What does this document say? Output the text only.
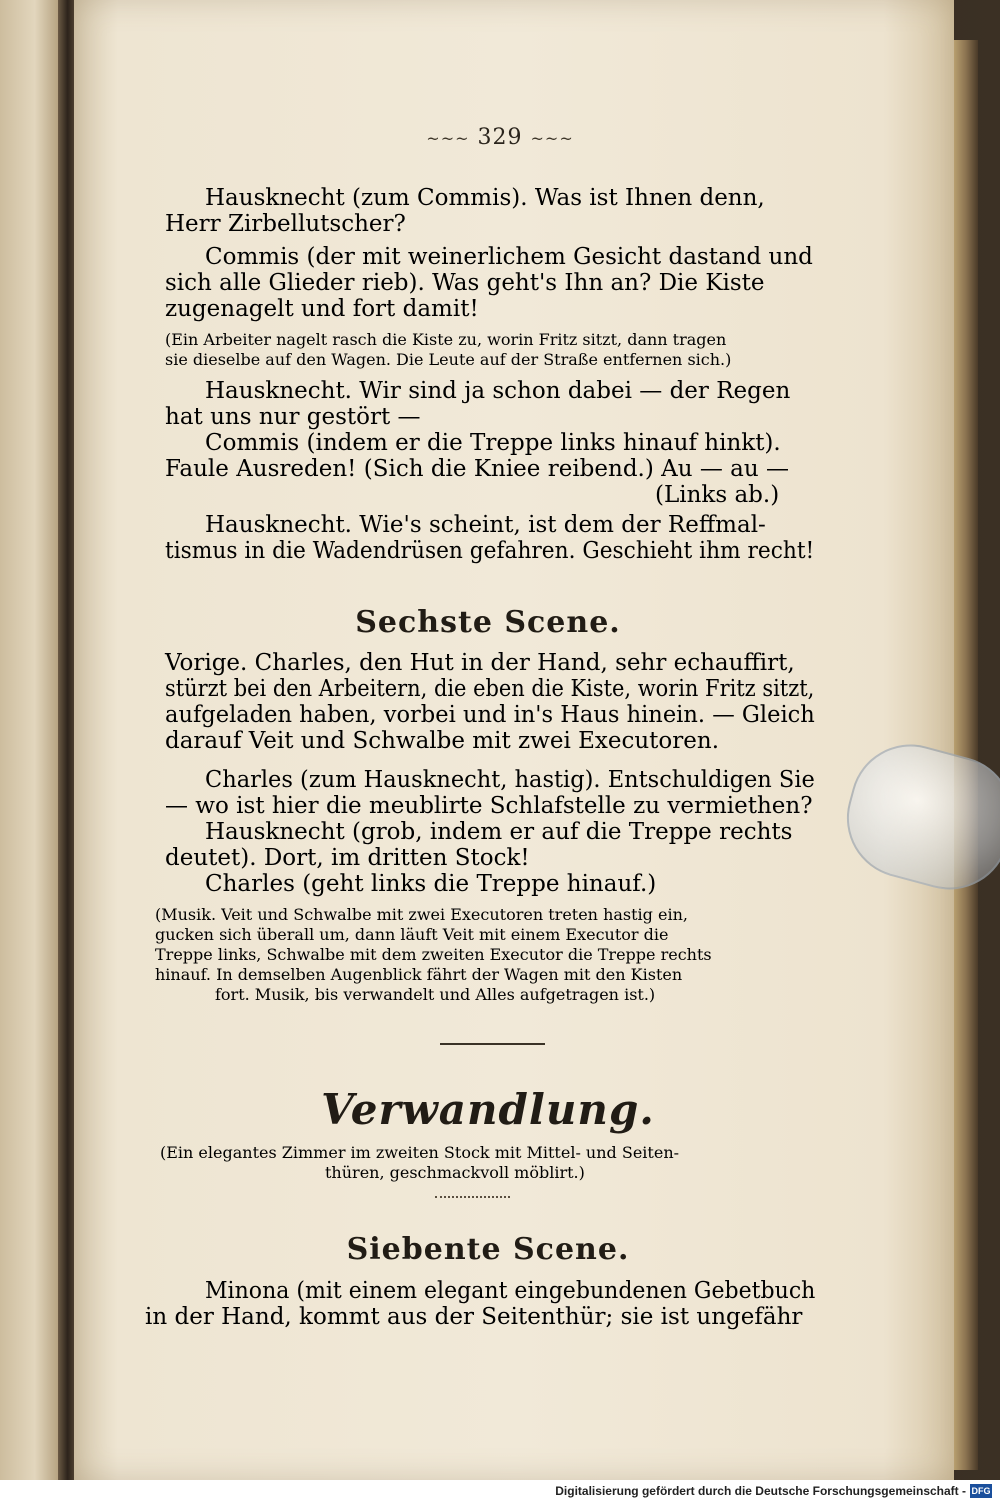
~~~ 329 ~~~
Hausknecht (zum Commis). Was ist Ihnen denn,
Herr Zirbellutscher?
Commis (der mit weinerlichem Gesicht dastand und
sich alle Glieder rieb). Was geht's Ihn an? Die Kiste
zugenagelt und fort damit!
(Ein Arbeiter nagelt rasch die Kiste zu, worin Fritz sitzt, dann tragen
sie dieselbe auf den Wagen. Die Leute auf der Straße entfernen sich.)
Hausknecht. Wir sind ja schon dabei — der Regen
hat uns nur gestört —
Commis (indem er die Treppe links hinauf hinkt).
Faule Ausreden! (Sich die Kniee reibend.) Au — au —
(Links ab.)
Hausknecht. Wie's scheint, ist dem der Reffmal-
tismus in die Wadendrüsen gefahren. Geschieht ihm recht!
Sechste Scene.
Vorige. Charles, den Hut in der Hand, sehr echauffirt,
stürzt bei den Arbeitern, die eben die Kiste, worin Fritz sitzt,
aufgeladen haben, vorbei und in's Haus hinein. — Gleich
darauf Veit und Schwalbe mit zwei Executoren.
Charles (zum Hausknecht, hastig). Entschuldigen Sie
— wo ist hier die meublirte Schlafstelle zu vermiethen?
Hausknecht (grob, indem er auf die Treppe rechts
deutet). Dort, im dritten Stock!
Charles (geht links die Treppe hinauf.)
(Musik. Veit und Schwalbe mit zwei Executoren treten hastig ein,
gucken sich überall um, dann läuft Veit mit einem Executor die
Treppe links, Schwalbe mit dem zweiten Executor die Treppe rechts
hinauf. In demselben Augenblick fährt der Wagen mit den Kisten
fort. Musik, bis verwandelt und Alles aufgetragen ist.)
Verwandlung.
(Ein elegantes Zimmer im zweiten Stock mit Mittel- und Seiten-
thüren, geschmackvoll möblirt.)
Siebente Scene.
Minona (mit einem elegant eingebundenen Gebetbuch
in der Hand, kommt aus der Seitenthür; sie ist ungefähr
Digitalisierung gefördert durch die Deutsche Forschungsgemeinschaft - DFG
